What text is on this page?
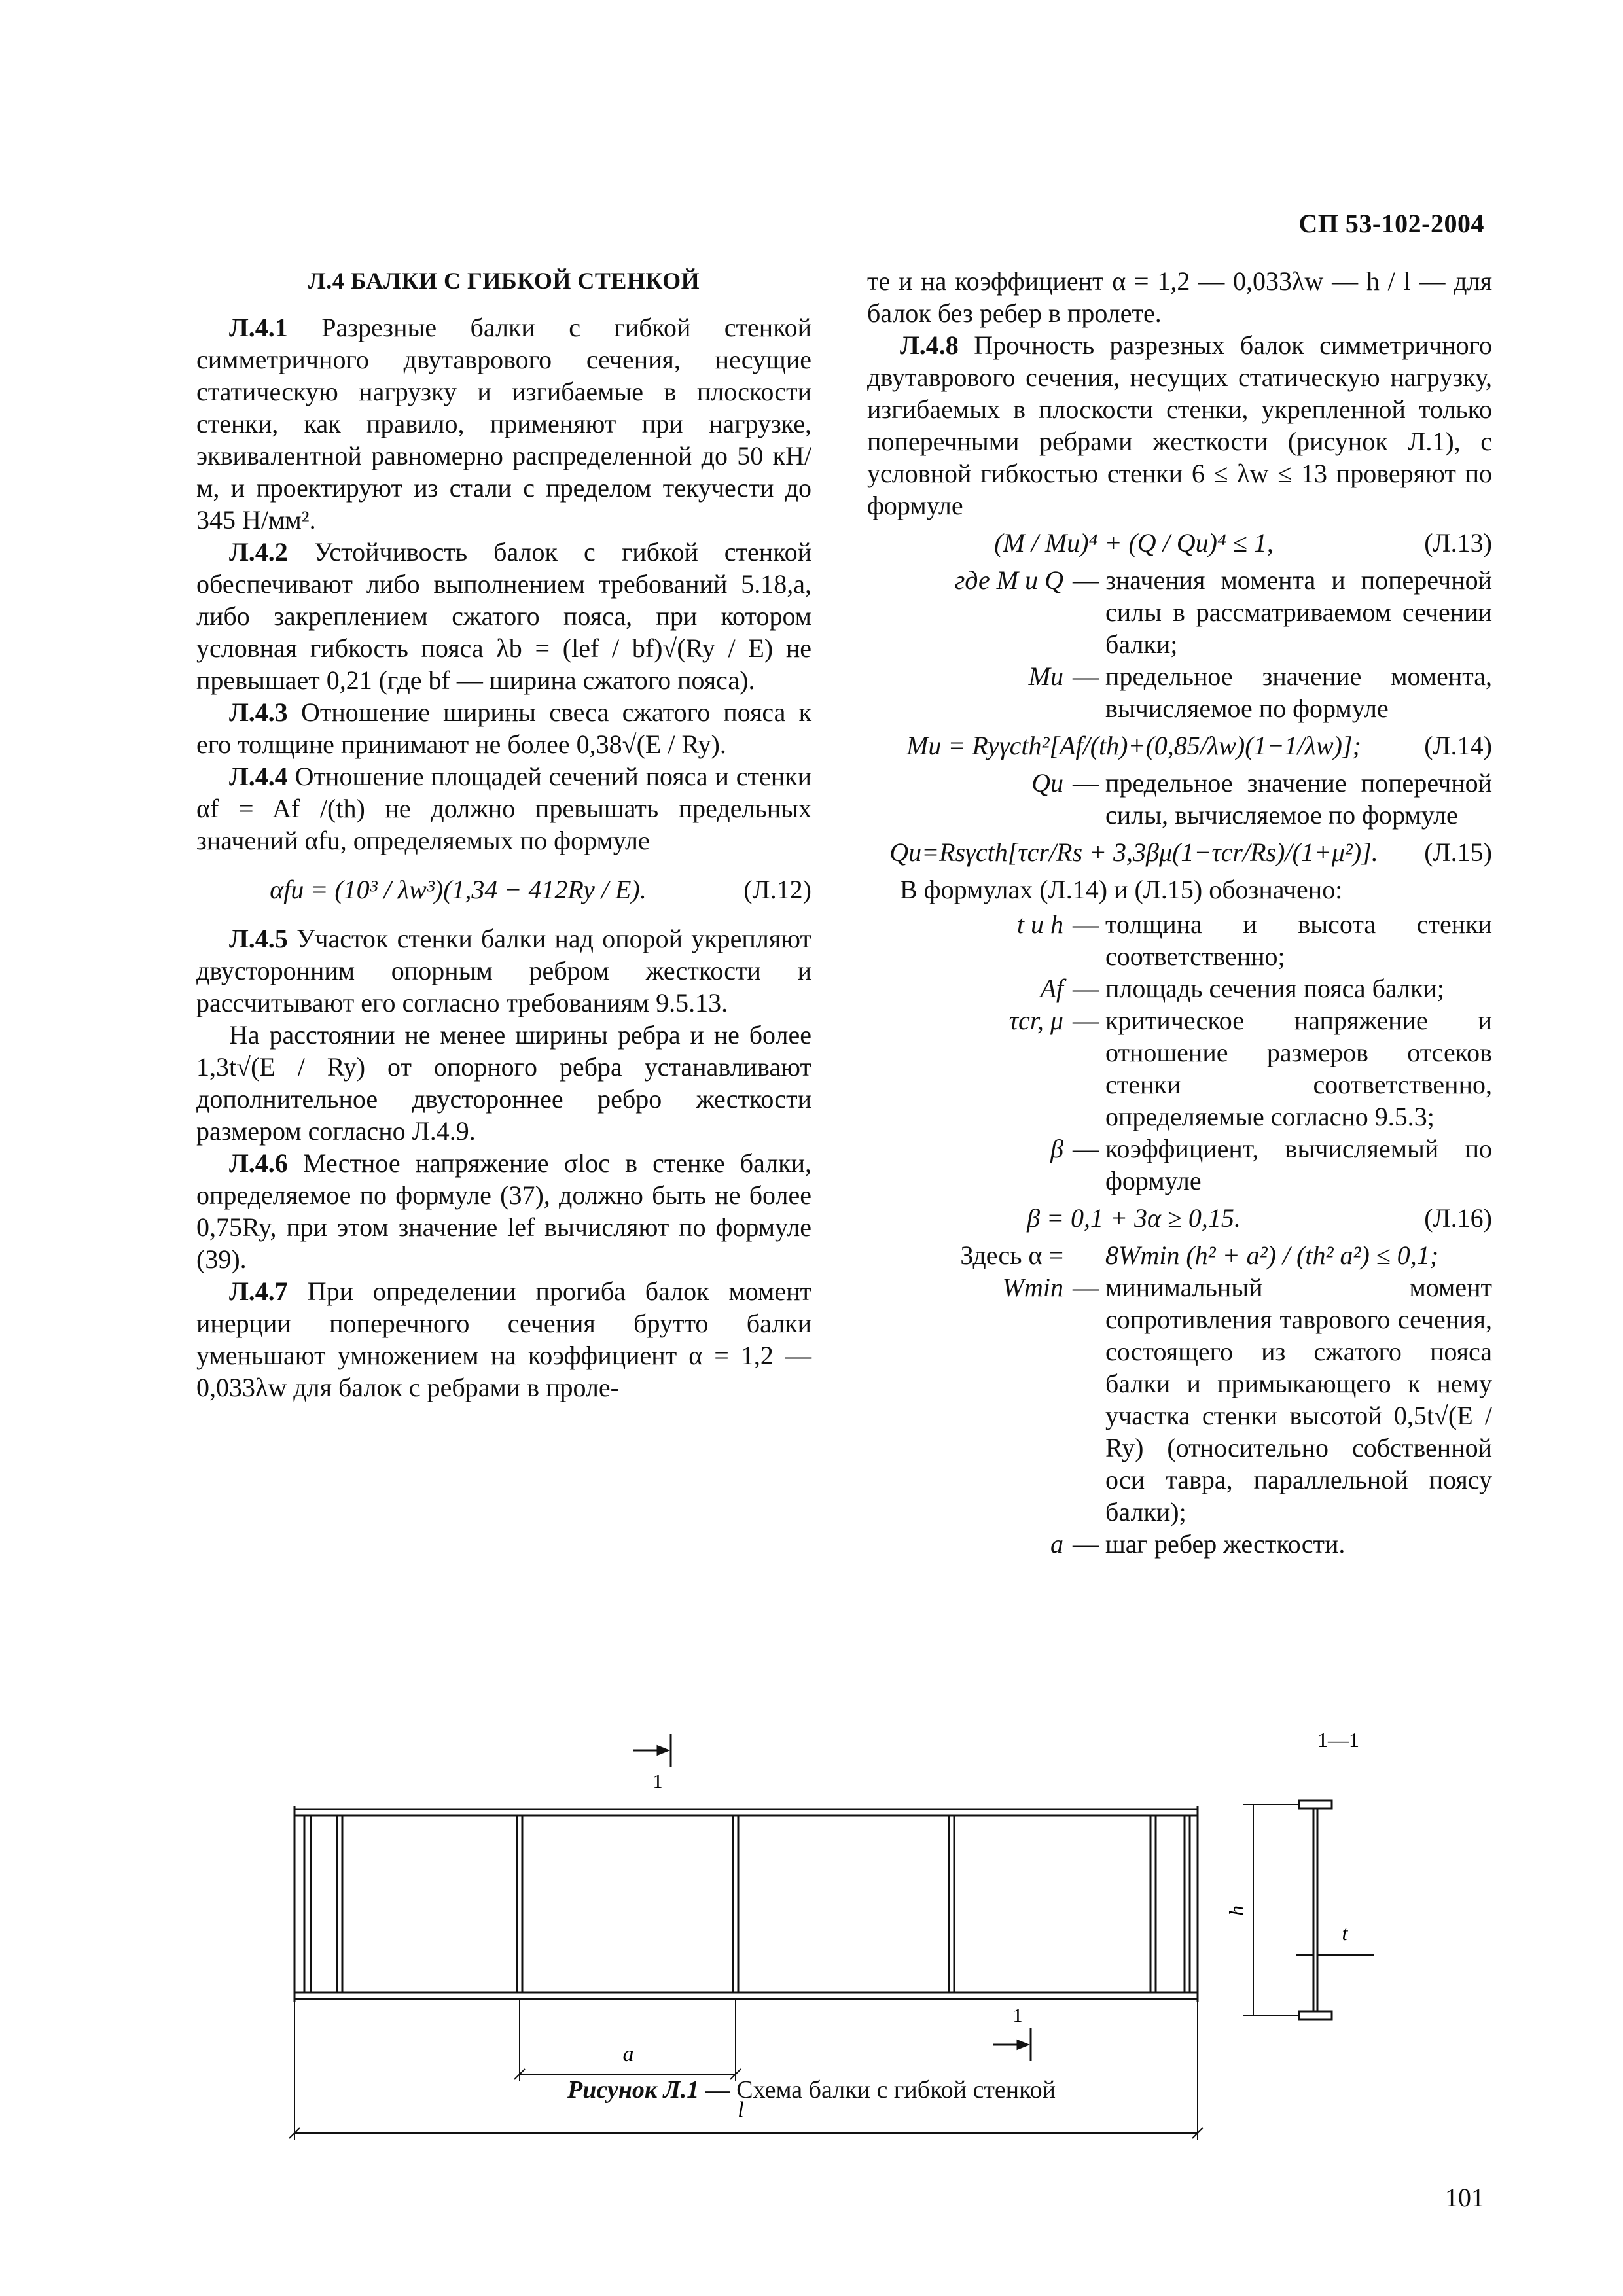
СП 53-102-2004
Л.4 БАЛКИ С ГИБКОЙ СТЕНКОЙ

Л.4.1 Разрезные балки с гибкой стенкой симметричного двутаврового сечения, несущие статическую нагрузку и изгибаемые в плоскости стенки, как правило, применяют при нагрузке, эквивалентной равномерно распределенной до 50 кН/м, и проектируют из стали с пределом текучести до 345 Н/мм².

Л.4.2 Устойчивость балок с гибкой стенкой обеспечивают либо выполнением требований 5.18,а, либо закреплением сжатого пояса, при котором условная гибкость пояса λb = (lef / bf)√(Ry / E) не превышает 0,21 (где bf — ширина сжатого пояса).

Л.4.3 Отношение ширины свеса сжатого пояса к его толщине принимают не более 0,38√(E / Ry).

Л.4.4 Отношение площадей сечений пояса и стенки αf = Af /(th) не должно превышать предельных значений αfu, определяемых по формуле

αfu = (10³ / λw³)(1,34 − 412Ry / E).	(Л.12)

Л.4.5 Участок стенки балки над опорой укрепляют двусторонним опорным ребром жесткости и рассчитывают его согласно требованиям 9.5.13.

На расстоянии не менее ширины ребра и не более 1,3t√(E / Ry) от опорного ребра устанавливают дополнительное двустороннее ребро жесткости размером согласно Л.4.9.

Л.4.6 Местное напряжение σloc в стенке балки, определяемое по формуле (37), должно быть не более 0,75Ry, при этом значение lef вычисляют по формуле (39).

Л.4.7 При определении прогиба балок момент инерции поперечного сечения брутто балки уменьшают умножением на коэффициент α = 1,2 — 0,033λw для балок с ребрами в проле-

те и на коэффициент α = 1,2 — 0,033λw — h / l — для балок без ребер в пролете.

Л.4.8 Прочность разрезных балок симметричного двутаврового сечения, несущих статическую нагрузку, изгибаемых в плоскости стенки, укрепленной только поперечными ребрами жесткости (рисунок Л.1), с условной гибкостью стенки 6 ≤ λw ≤ 13 проверяют по формуле

(M / Mu)⁴ + (Q / Qu)⁴ ≤ 1,	(Л.13)
где M и Q — значения момента и поперечной силы в рассматриваемом сечении балки;
Mu — предельное значение момента, вычисляемое по формуле
Mu = Ryγcth²[Af/(th)+(0,85/λw)(1−1/λw)];	(Л.14)
Qu — предельное значение поперечной силы, вычисляемое по формуле
Qu=Rsγcth[τcr/Rs + 3,3βμ(1−τcr/Rs)/(1+μ²)].	(Л.15)

В формулах (Л.14) и (Л.15) обозначено:

t и h — толщина и высота стенки соответственно;
Af — площадь сечения пояса балки;
τcr, μ — критическое напряжение и отношение размеров отсеков стенки соответственно, определяемые согласно 9.5.3;
β — коэффициент, вычисляемый по формуле
β = 0,1 + 3α ≥ 0,15.	(Л.16)
Здесь α =	8Wmin (h² + a²) / (th² a²) ≤ 0,1;
Wmin — минимальный момент сопротивления таврового сечения, состоящего из сжатого пояса балки и примыкающего к нему участка стенки высотой 0,5t√(E / Ry) (относительно собственной оси тавра, параллельной поясу балки);
a — шаг ребер жесткости.
a
l
1
1
1—1
h
t
Рисунок Л.1 — Схема балки с гибкой стенкой
101
